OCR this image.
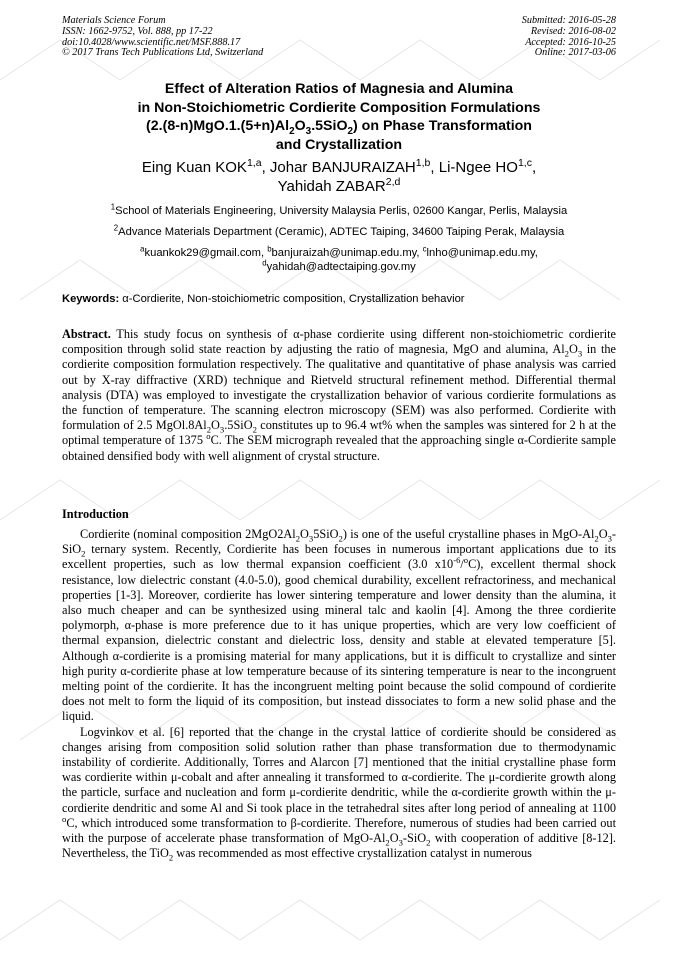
Materials Science Forum
ISSN: 1662-9752, Vol. 888, pp 17-22
doi:10.4028/www.scientific.net/MSF.888.17
© 2017 Trans Tech Publications Ltd, Switzerland
Submitted: 2016-05-28
Revised: 2016-08-02
Accepted: 2016-10-25
Online: 2017-03-06
Effect of Alteration Ratios of Magnesia and Alumina
in Non-Stoichiometric Cordierite Composition Formulations
$(2.(8-n)MgO.1.(5+n)Al_2O_3.5SiO_2)$ on Phase Transformation
and Crystallization
Eing Kuan KOK$^{1,a}$, Johar BANJURAIZAH$^{1,b}$, Li-Ngee HO$^{1,c}$,
Yahidah ZABAR$^{2,d}$
$^1$School of Materials Engineering, University Malaysia Perlis, 02600 Kangar, Perlis, Malaysia
$^2$Advance Materials Department (Ceramic), ADTEC Taiping, 34600 Taiping Perak, Malaysia
$^a$kuankok29@gmail.com, $^b$banjuraizah@unimap.edu.my, $^c$lnho@unimap.edu.my,
$^d$yahidah@adtectaiping.gov.my
Keywords: α-Cordierite, Non-stoichiometric composition, Crystallization behavior
Abstract. This study focus on synthesis of α-phase cordierite using different non-stoichiometric cordierite composition through solid state reaction by adjusting the ratio of magnesia, MgO and alumina, $Al_2O_3$ in the cordierite composition formulation respectively. The qualitative and quantitative of phase analysis was carried out by X-ray diffractive (XRD) technique and Rietveld structural refinement method. Differential thermal analysis (DTA) was employed to investigate the crystallization behavior of various cordierite formulations as the function of temperature. The scanning electron microscopy (SEM) was also performed. Cordierite with formulation of 2.5 $MgOl.8Al_2O_3.5SiO_2$ constitutes up to 96.4 wt% when the samples was sintered for 2 h at the optimal temperature of 1375 $^o$C. The SEM micrograph revealed that the approaching single α-Cordierite sample obtained densified body with well alignment of crystal structure.
Introduction

Cordierite (nominal composition $2MgO2Al_2O_35SiO_2$) is one of the useful crystalline phases in MgO-$Al_2O_3-SiO_2$ ternary system. Recently, Cordierite has been focuses in numerous important applications due to its excellent properties, such as low thermal expansion coefficient (3.0 $x10^{-6}/^oC$), excellent thermal shock resistance, low dielectric constant (4.0-5.0), good chemical durability, excellent refractoriness, and mechanical properties [1-3]. Moreover, cordierite has lower sintering temperature and lower density than the alumina, it also much cheaper and can be synthesized using mineral talc and kaolin [4]. Among the three cordierite polymorph, α-phase is more preference due to it has unique properties, which are very low coefficient of thermal expansion, dielectric constant and dielectric loss, density and stable at elevated temperature [5]. Although α-cordierite is a promising material for many applications, but it is difficult to crystallize and sinter high purity α-cordierite phase at low temperature because of its sintering temperature is near to the incongruent melting point of the cordierite. It has the incongruent melting point because the solid compound of cordierite does not melt to form the liquid of its composition, but instead dissociates to form a new solid phase and the liquid.

Logvinkov et al. [6] reported that the change in the crystal lattice of cordierite should be considered as changes arising from composition solid solution rather than phase transformation due to thermodynamic instability of cordierite. Additionally, Torres and Alarcon [7] mentioned that the initial crystalline phase form was cordierite within μ-cobalt and after annealing it transformed to α-cordierite. The μ-cordierite growth along the particle, surface and nucleation and form μ-cordierite dendritic, while the α-cordierite growth within the μ-cordierite dendritic and some Al and Si took place in the tetrahedral sites after long period of annealing at 1100 $^o$C, which introduced some transformation to β-cordierite. Therefore, numerous of studies had been carried out with the purpose of accelerate phase transformation of MgO-$Al_2O_3-SiO_2$ with cooperation of additive [8-12]. Nevertheless, the TiO$_2$ was recommended as most effective crystallization catalyst in numerous
